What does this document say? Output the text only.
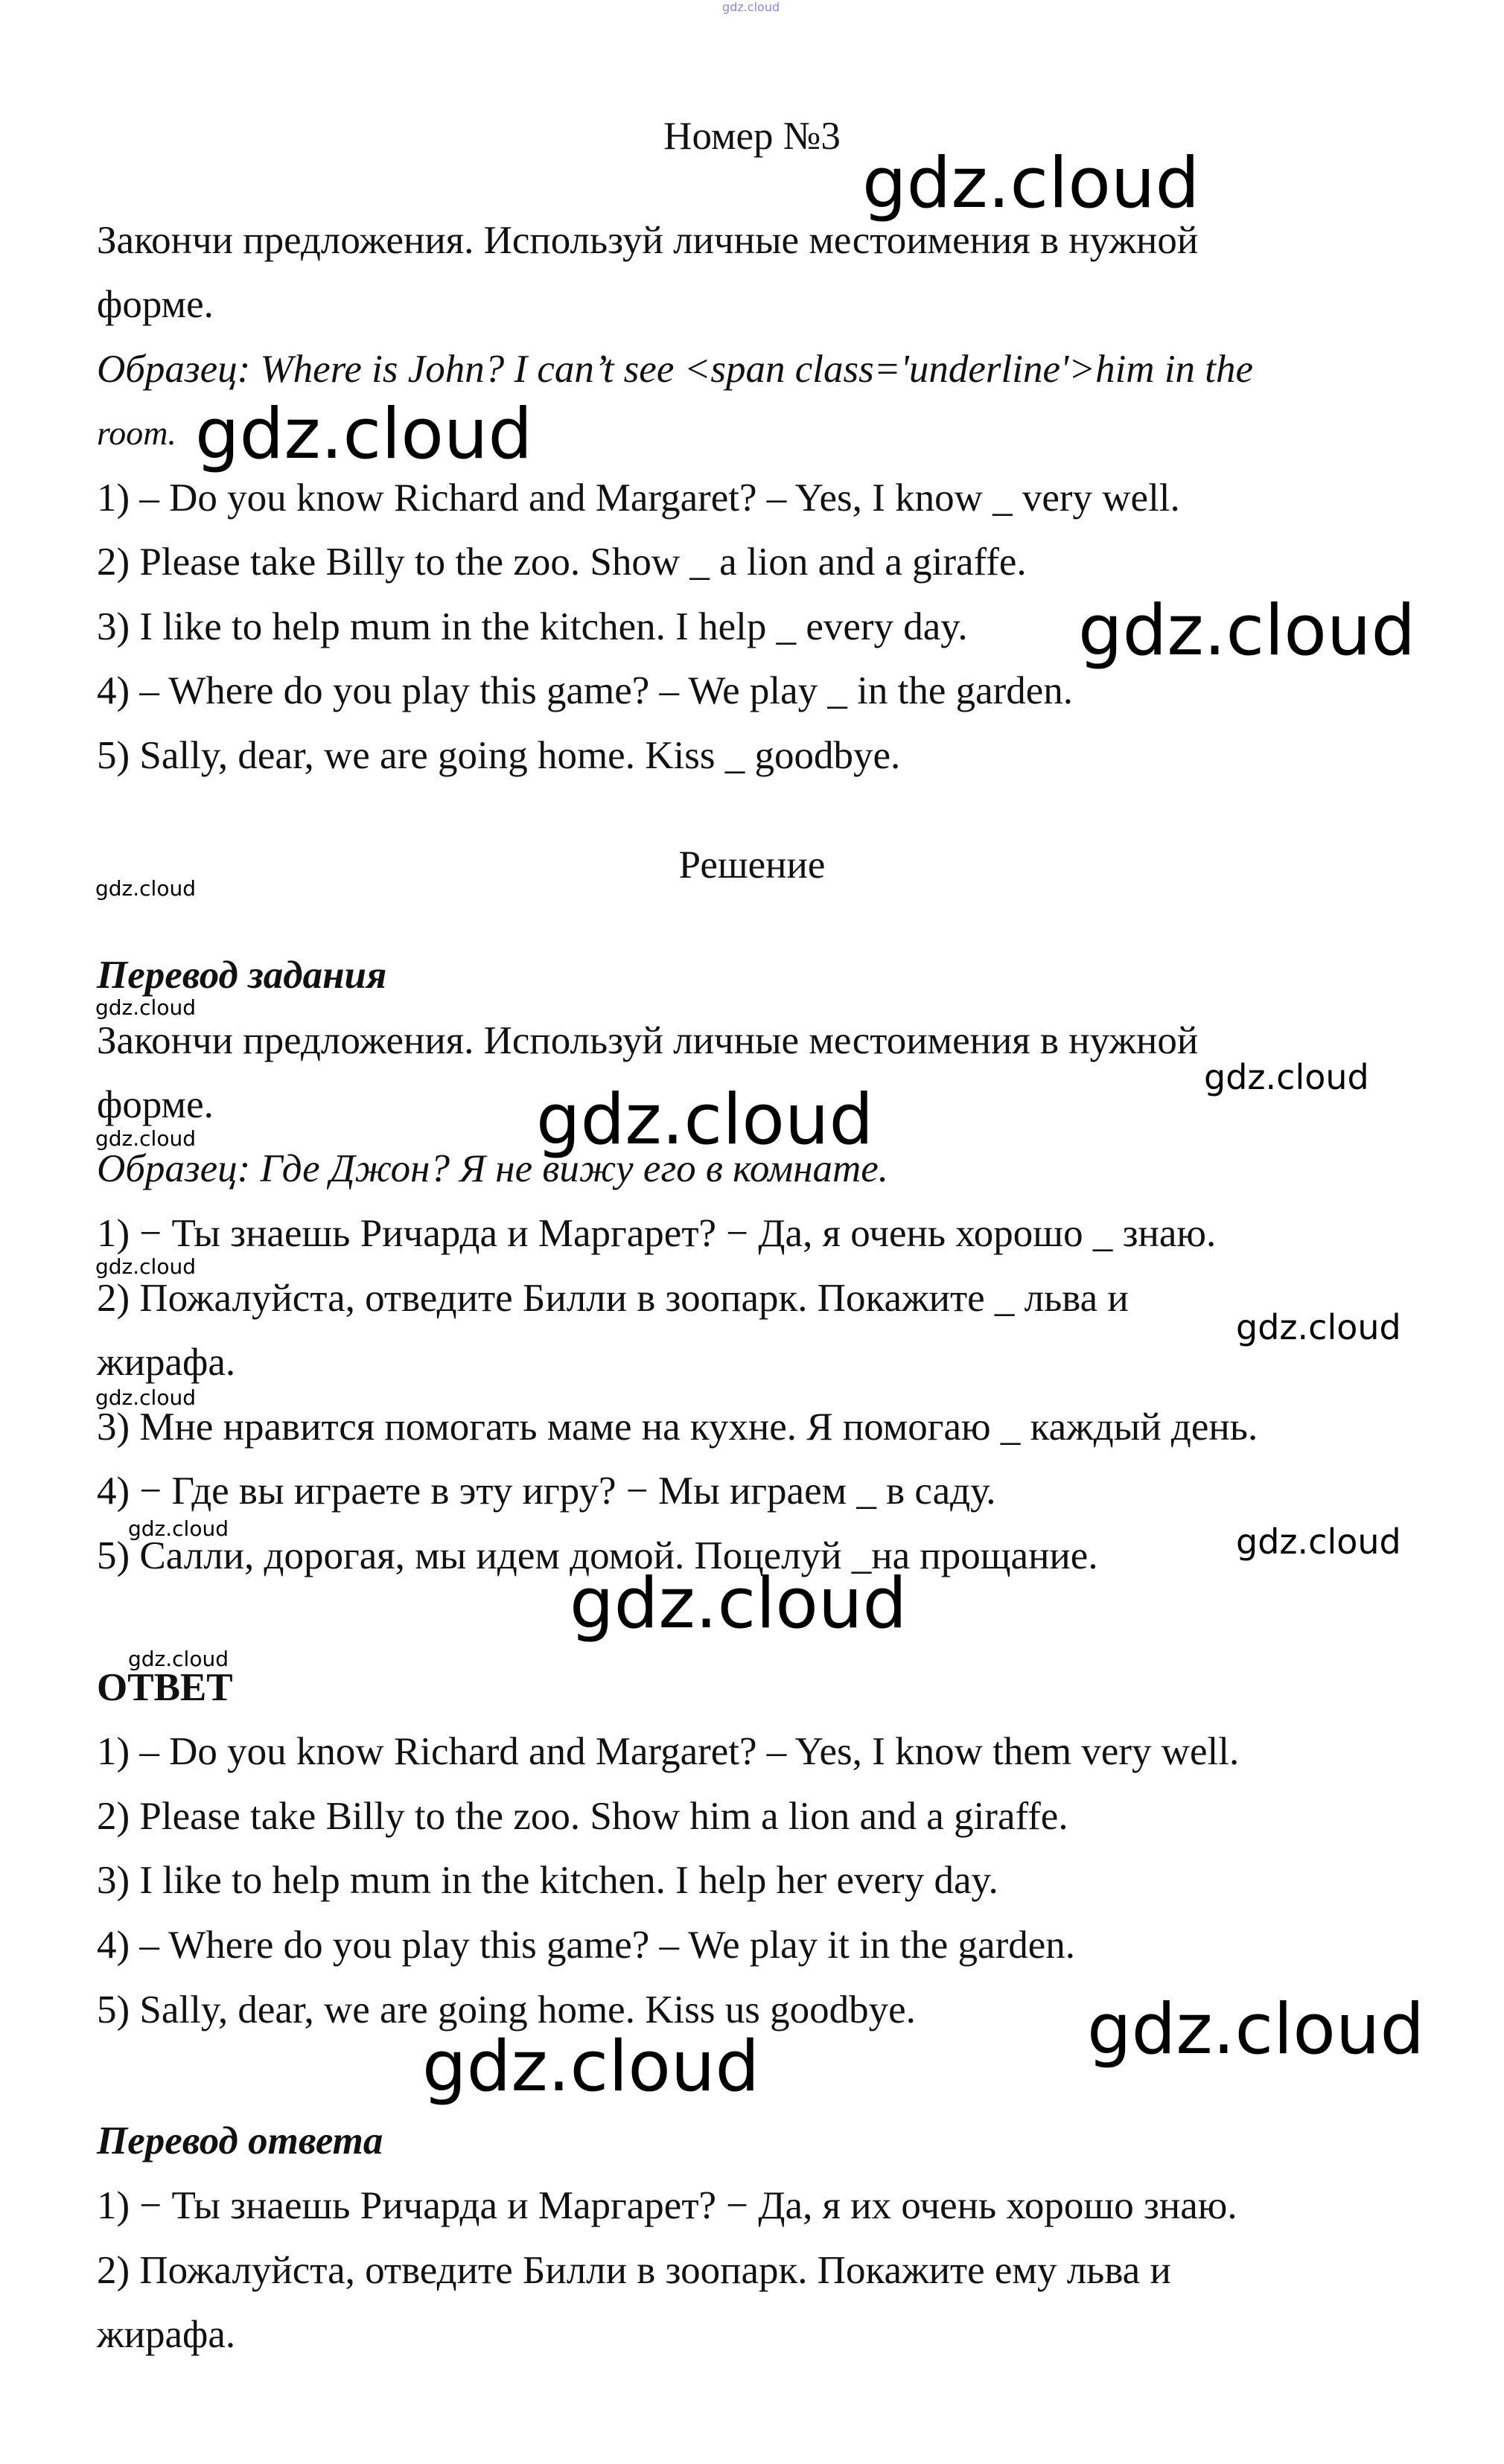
gdz.cloud
Номер №3
Закончи предложения. Используй личные местоимения в нужной
форме.
Образец: Where is John? I can’t see <span class='underline'>him in the
room.
1) – Do you know Richard and Margaret? – Yes, I know _ very well.
2) Please take Billy to the zoo. Show _ a lion and a giraffe.
3) I like to help mum in the kitchen. I help _ every day.
4) – Where do you play this game? – We play _ in the garden.
5) Sally, dear, we are going home. Kiss _ goodbye.
Решение
Перевод задания
Закончи предложения. Используй личные местоимения в нужной
форме.
Образец: Где Джон? Я не вижу его в комнате.
1) − Ты знаешь Ричарда и Маргарет? − Да, я очень хорошо _ знаю.
2) Пожалуйста, отведите Билли в зоопарк. Покажите _ льва и
жирафа.
3) Мне нравится помогать маме на кухне. Я помогаю _ каждый день.
4) − Где вы играете в эту игру? − Мы играем _ в саду.
5) Салли, дорогая, мы идем домой. Поцелуй _на прощание.
ОТВЕТ
1) – Do you know Richard and Margaret? – Yes, I know them very well.
2) Please take Billy to the zoo. Show him a lion and a giraffe.
3) I like to help mum in the kitchen. I help her every day.
4) – Where do you play this game? – We play it in the garden.
5) Sally, dear, we are going home. Kiss us goodbye.
Перевод ответа
1) − Ты знаешь Ричарда и Маргарет? − Да, я их очень хорошо знаю.
2) Пожалуйста, отведите Билли в зоопарк. Покажите ему льва и
жирафа.
gdz.cloud
gdz.cloud
gdz.cloud
gdz.cloud
gdz.cloud
gdz.cloud
gdz.cloud	gdz.cloud
gdz.cloud
gdz.cloud
gdz.cloud
gdz.cloud	gdz.cloud
gdz.cloud
gdz.cloud
gdz.cloud
gdz.cloud
